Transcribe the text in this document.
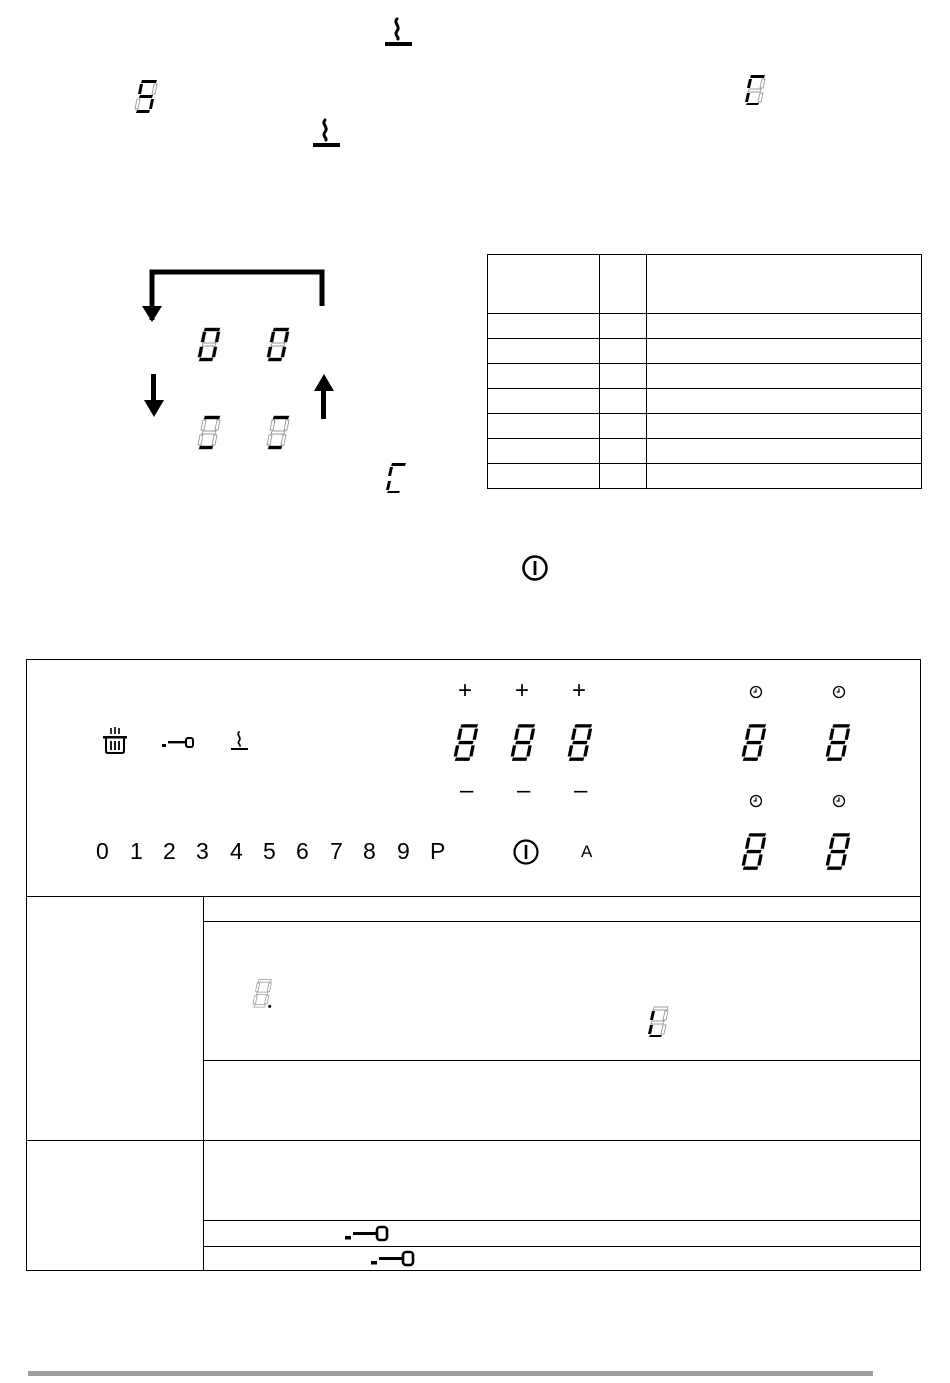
+ + +
– – –
0 1 2 3 4 5 6 7 8 9 P	A
